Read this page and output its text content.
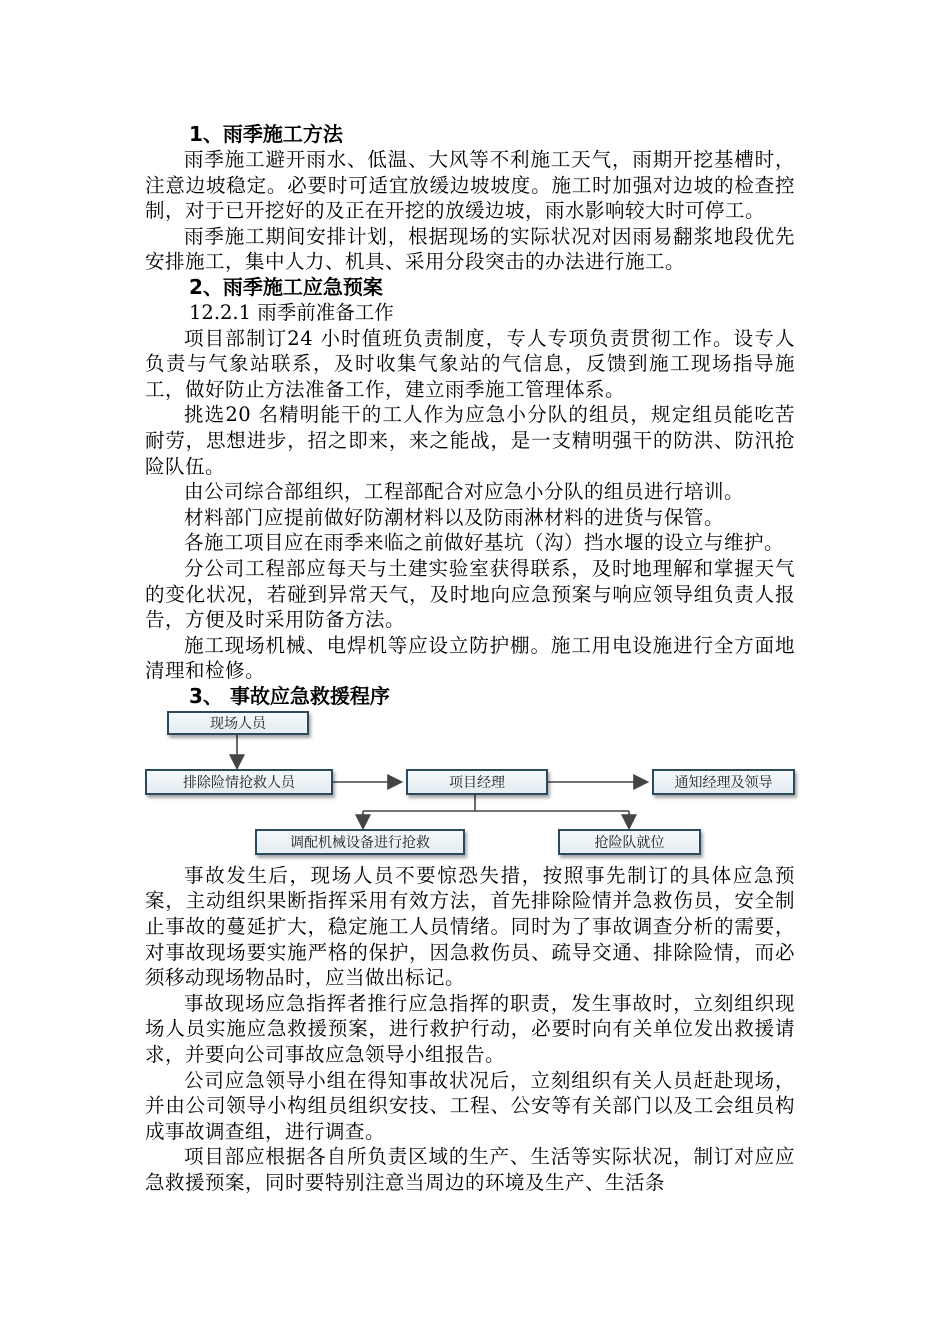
1、雨季施工方法
雨季施工避开雨水、低温、大风等不利施工天气，雨期开挖基槽时，注意边坡稳定。必要时可适宜放缓边坡坡度。施工时加强对边坡的检查控制，对于已开挖好的及正在开挖的放缓边坡，雨水影响较大时可停工。
雨季施工期间安排计划，根据现场的实际状况对因雨易翻浆地段优先安排施工，集中人力、机具、采用分段突击的办法进行施工。
2、雨季施工应急预案
12.2.1 雨季前准备工作
项目部制订24 小时值班负责制度，专人专项负责贯彻工作。设专人负责与气象站联系，及时收集气象站的气信息，反馈到施工现场指导施工，做好防止方法准备工作，建立雨季施工管理体系。
挑选20 名精明能干的工人作为应急小分队的组员，规定组员能吃苦耐劳，思想进步，招之即来，来之能战，是一支精明强干的防洪、防汛抢险队伍。
由公司综合部组织，工程部配合对应急小分队的组员进行培训。
材料部门应提前做好防潮材料以及防雨淋材料的进货与保管。
各施工项目应在雨季来临之前做好基坑（沟）挡水堰的设立与维护。
分公司工程部应每天与土建实验室获得联系，及时地理解和掌握天气的变化状况，若碰到异常天气，及时地向应急预案与响应领导组负责人报告，方便及时采用防备方法。
施工现场机械、电焊机等应设立防护棚。施工用电设施进行全方面地清理和检修。
3、 事故应急救援程序
现场人员
排除险情抢救人员	项目经理	通知经理及领导
调配机械设备进行抢救	抢险队就位
事故发生后，现场人员不要惊恐失措，按照事先制订的具体应急预案，主动组织果断指挥采用有效方法，首先排除险情并急救伤员，安全制止事故的蔓延扩大，稳定施工人员情绪。同时为了事故调查分析的需要，对事故现场要实施严格的保护，因急救伤员、疏导交通、排除险情，而必须移动现场物品时，应当做出标记。
事故现场应急指挥者推行应急指挥的职责，发生事故时，立刻组织现场人员实施应急救援预案，进行救护行动，必要时向有关单位发出救援请求，并要向公司事故应急领导小组报告。
公司应急领导小组在得知事故状况后，立刻组织有关人员赶赴现场，并由公司领导小构组员组织安技、工程、公安等有关部门以及工会组员构成事故调查组，进行调查。
项目部应根据各自所负责区域的生产、生活等实际状况，制订对应应急救援预案，同时要特别注意当周边的环境及生产、生活条
